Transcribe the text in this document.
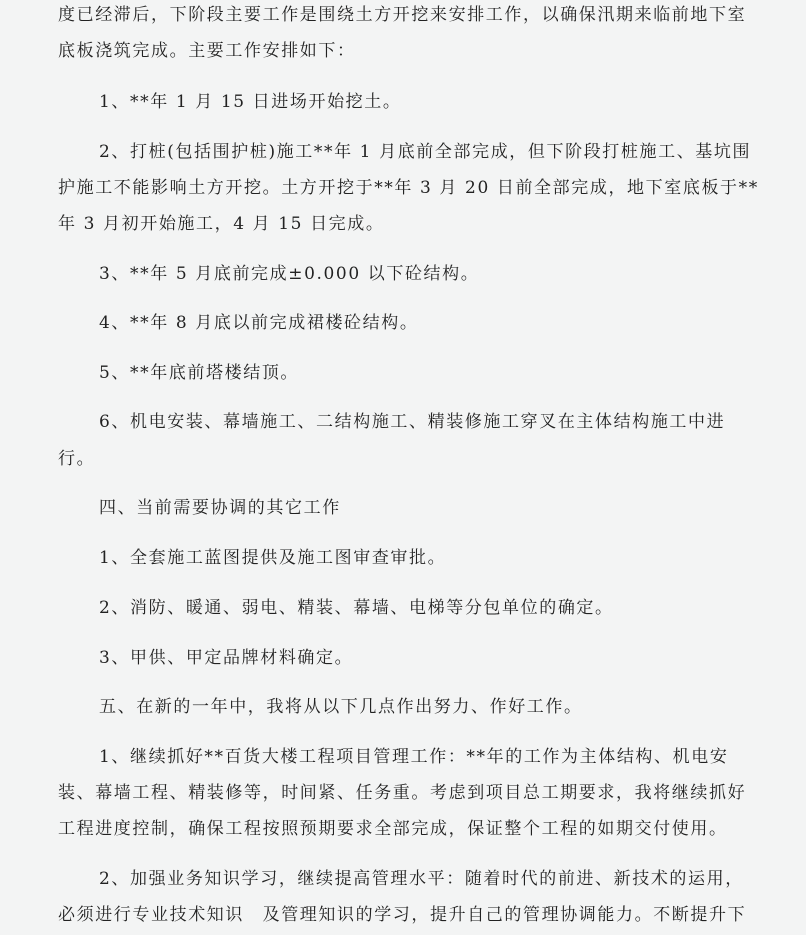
度已经滞后，下阶段主要工作是围绕土方开挖来安排工作，以确保汛期来临前地下室
底板浇筑完成。主要工作安排如下：
1、**年 1 月 15 日进场开始挖土。
2、打桩(包括围护桩)施工**年 1 月底前全部完成，但下阶段打桩施工、基坑围
护施工不能影响土方开挖。土方开挖于**年 3 月 20 日前全部完成，地下室底板于**
年 3 月初开始施工，4 月 15 日完成。
3、**年 5 月底前完成±0.000 以下砼结构。
4、**年 8 月底以前完成裙楼砼结构。
5、**年底前塔楼结顶。
6、机电安装、幕墙施工、二结构施工、精装修施工穿叉在主体结构施工中进
行。
四、当前需要协调的其它工作
1、全套施工蓝图提供及施工图审查审批。
2、消防、暖通、弱电、精装、幕墙、电梯等分包单位的确定。
3、甲供、甲定品牌材料确定。
五、在新的一年中，我将从以下几点作出努力、作好工作。
1、继续抓好**百货大楼工程项目管理工作：**年的工作为主体结构、机电安
装、幕墙工程、精装修等，时间紧、任务重。考虑到项目总工期要求，我将继续抓好
工程进度控制，确保工程按照预期要求全部完成，保证整个工程的如期交付使用。
2、加强业务知识学习，继续提高管理水平：随着时代的前进、新技术的运用，
必须进行专业技术知识　及管理知识的学习，提升自己的管理协调能力。不断提升下
